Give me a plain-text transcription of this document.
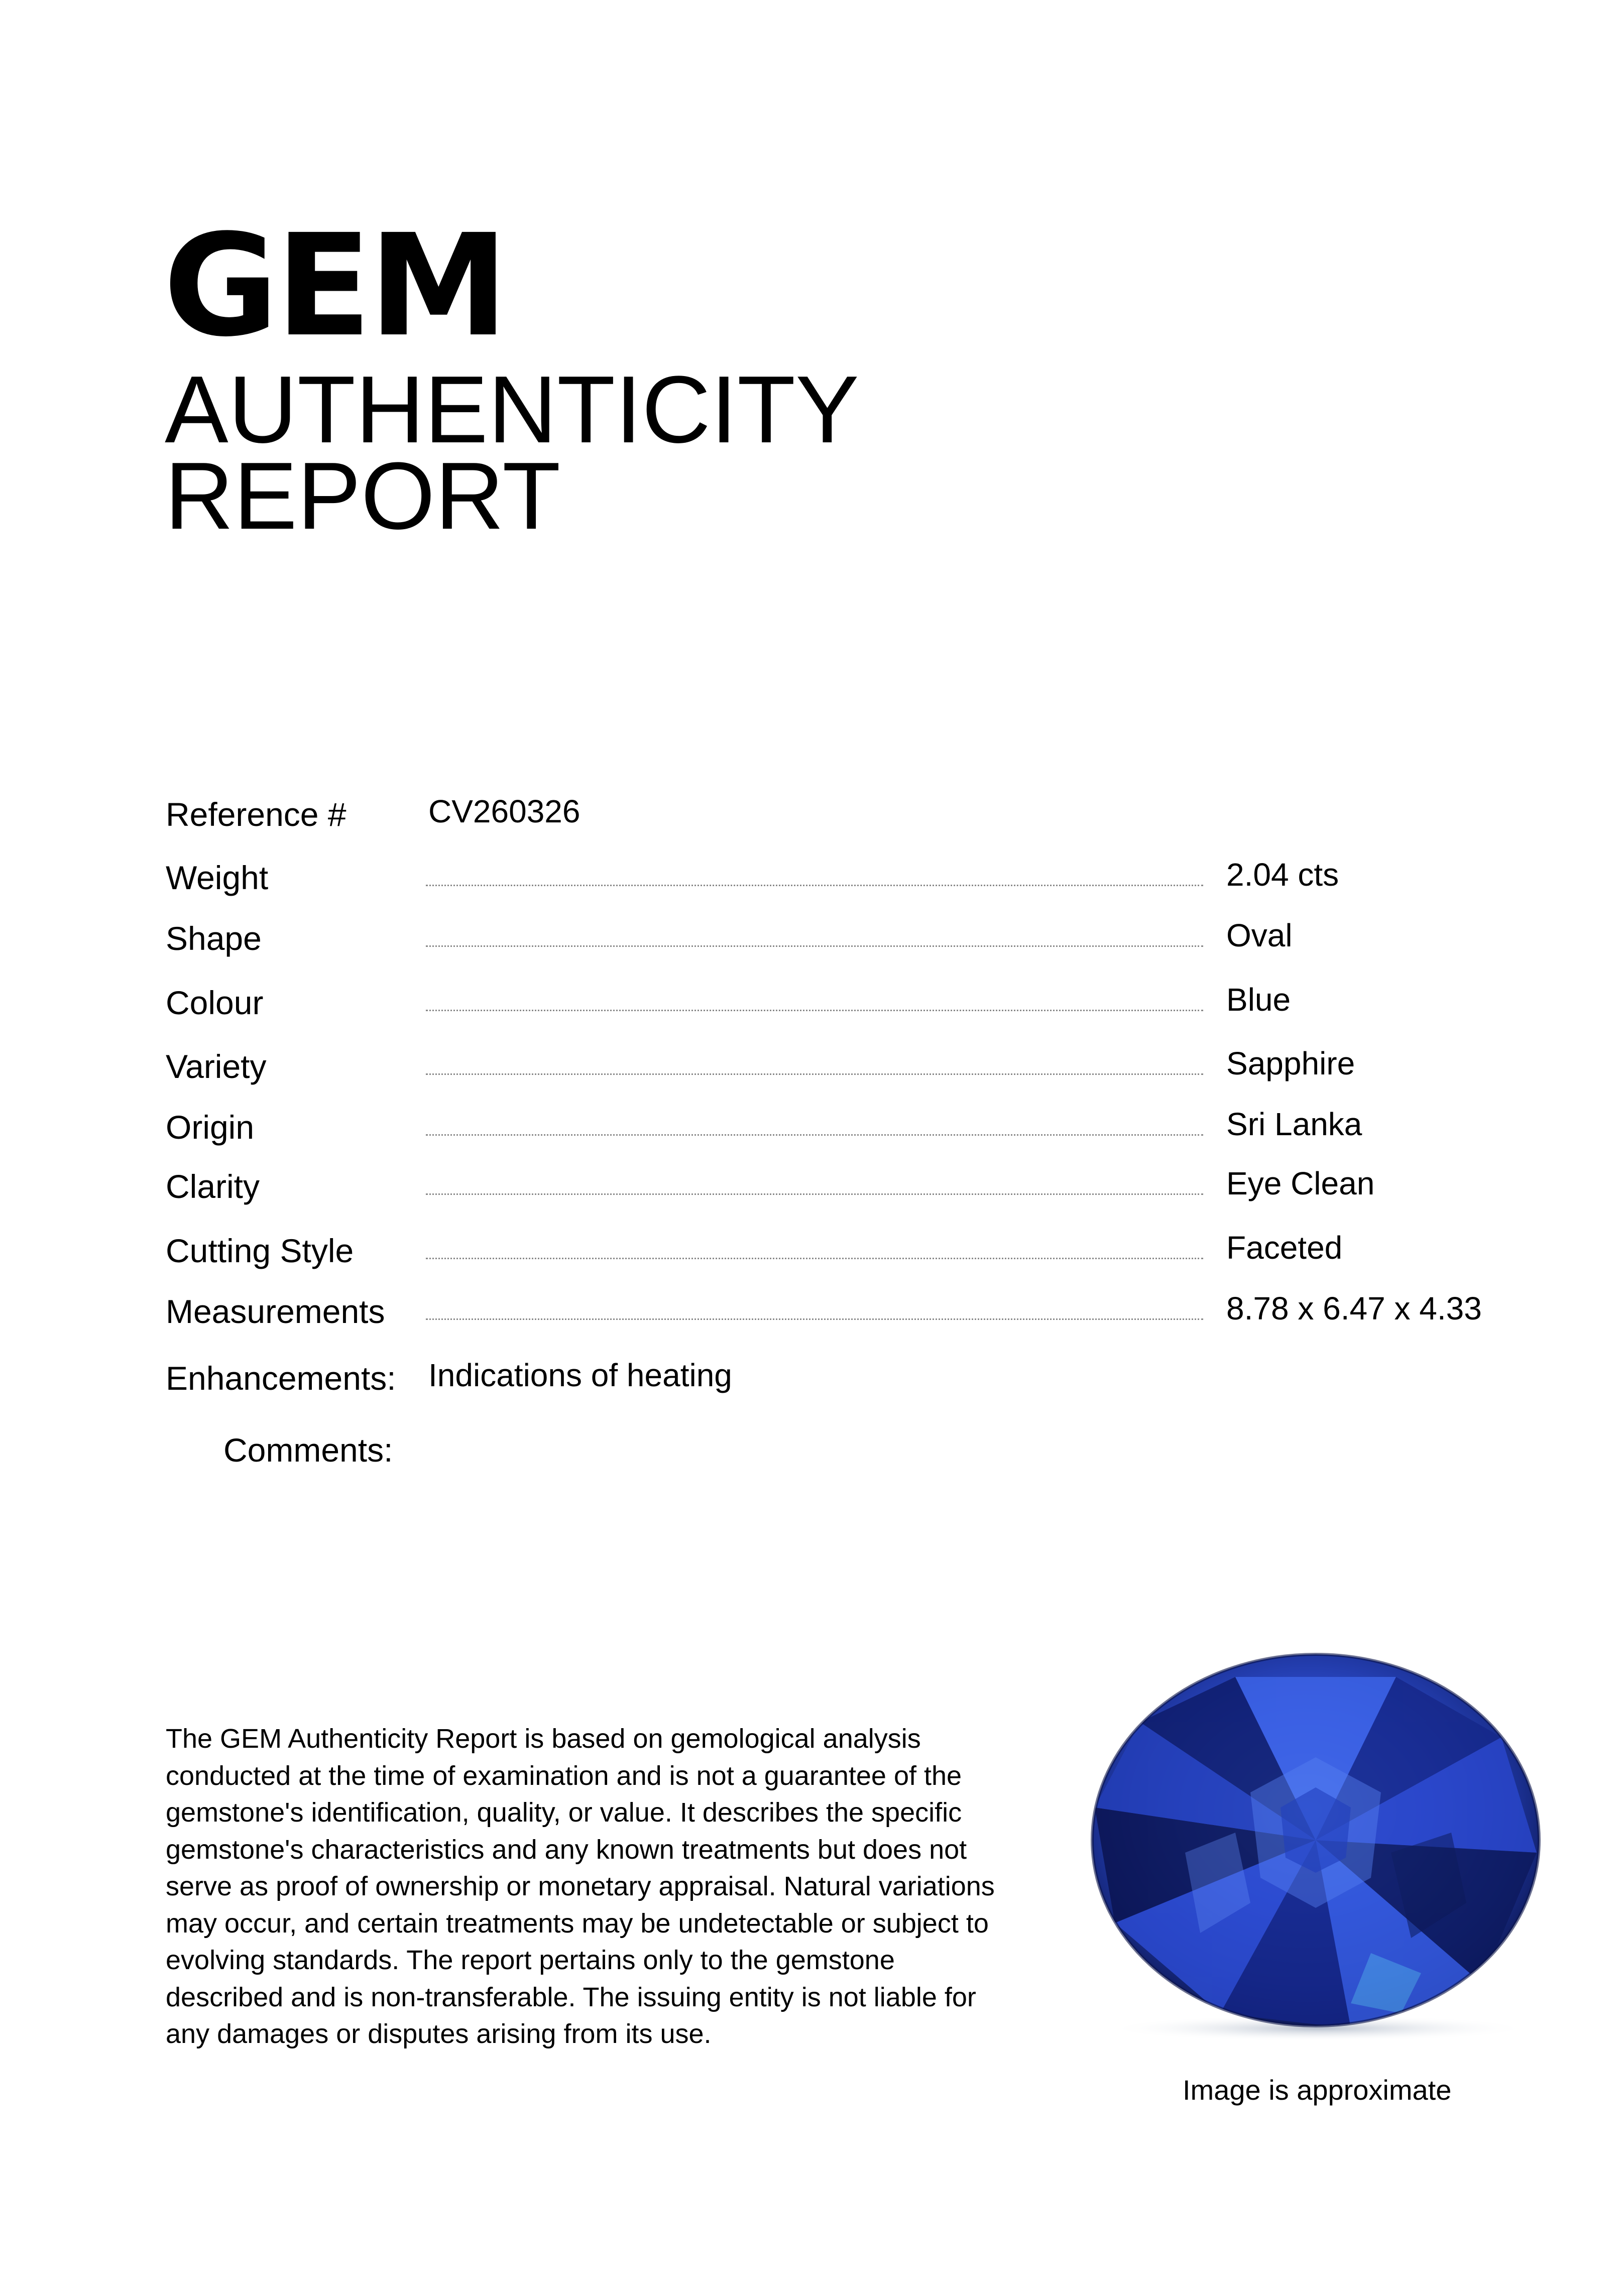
GEM
AUTHENTICITY
REPORT
Reference #	CV260326
Weight	2.04 cts
Shape	Oval
Colour	Blue
Variety	Sapphire
Origin	Sri Lanka
Clarity	Eye Clean
Cutting Style	Faceted
Measurements	8.78 x 6.47 x 4.33
Enhancements: Indications of heating
Comments:

The GEM Authenticity Report is based on gemological analysis conducted at the time of examination and is not a guarantee of the gemstone's identification, quality, or value. It describes the specific gemstone's characteristics and any known treatments but does not serve as proof of ownership or monetary appraisal. Natural variations may occur, and certain treatments may be undetectable or subject to evolving standards. The report pertains only to the gemstone described and is non-transferable. The issuing entity is not liable for any damages or disputes arising from its use.

Image is approximate
